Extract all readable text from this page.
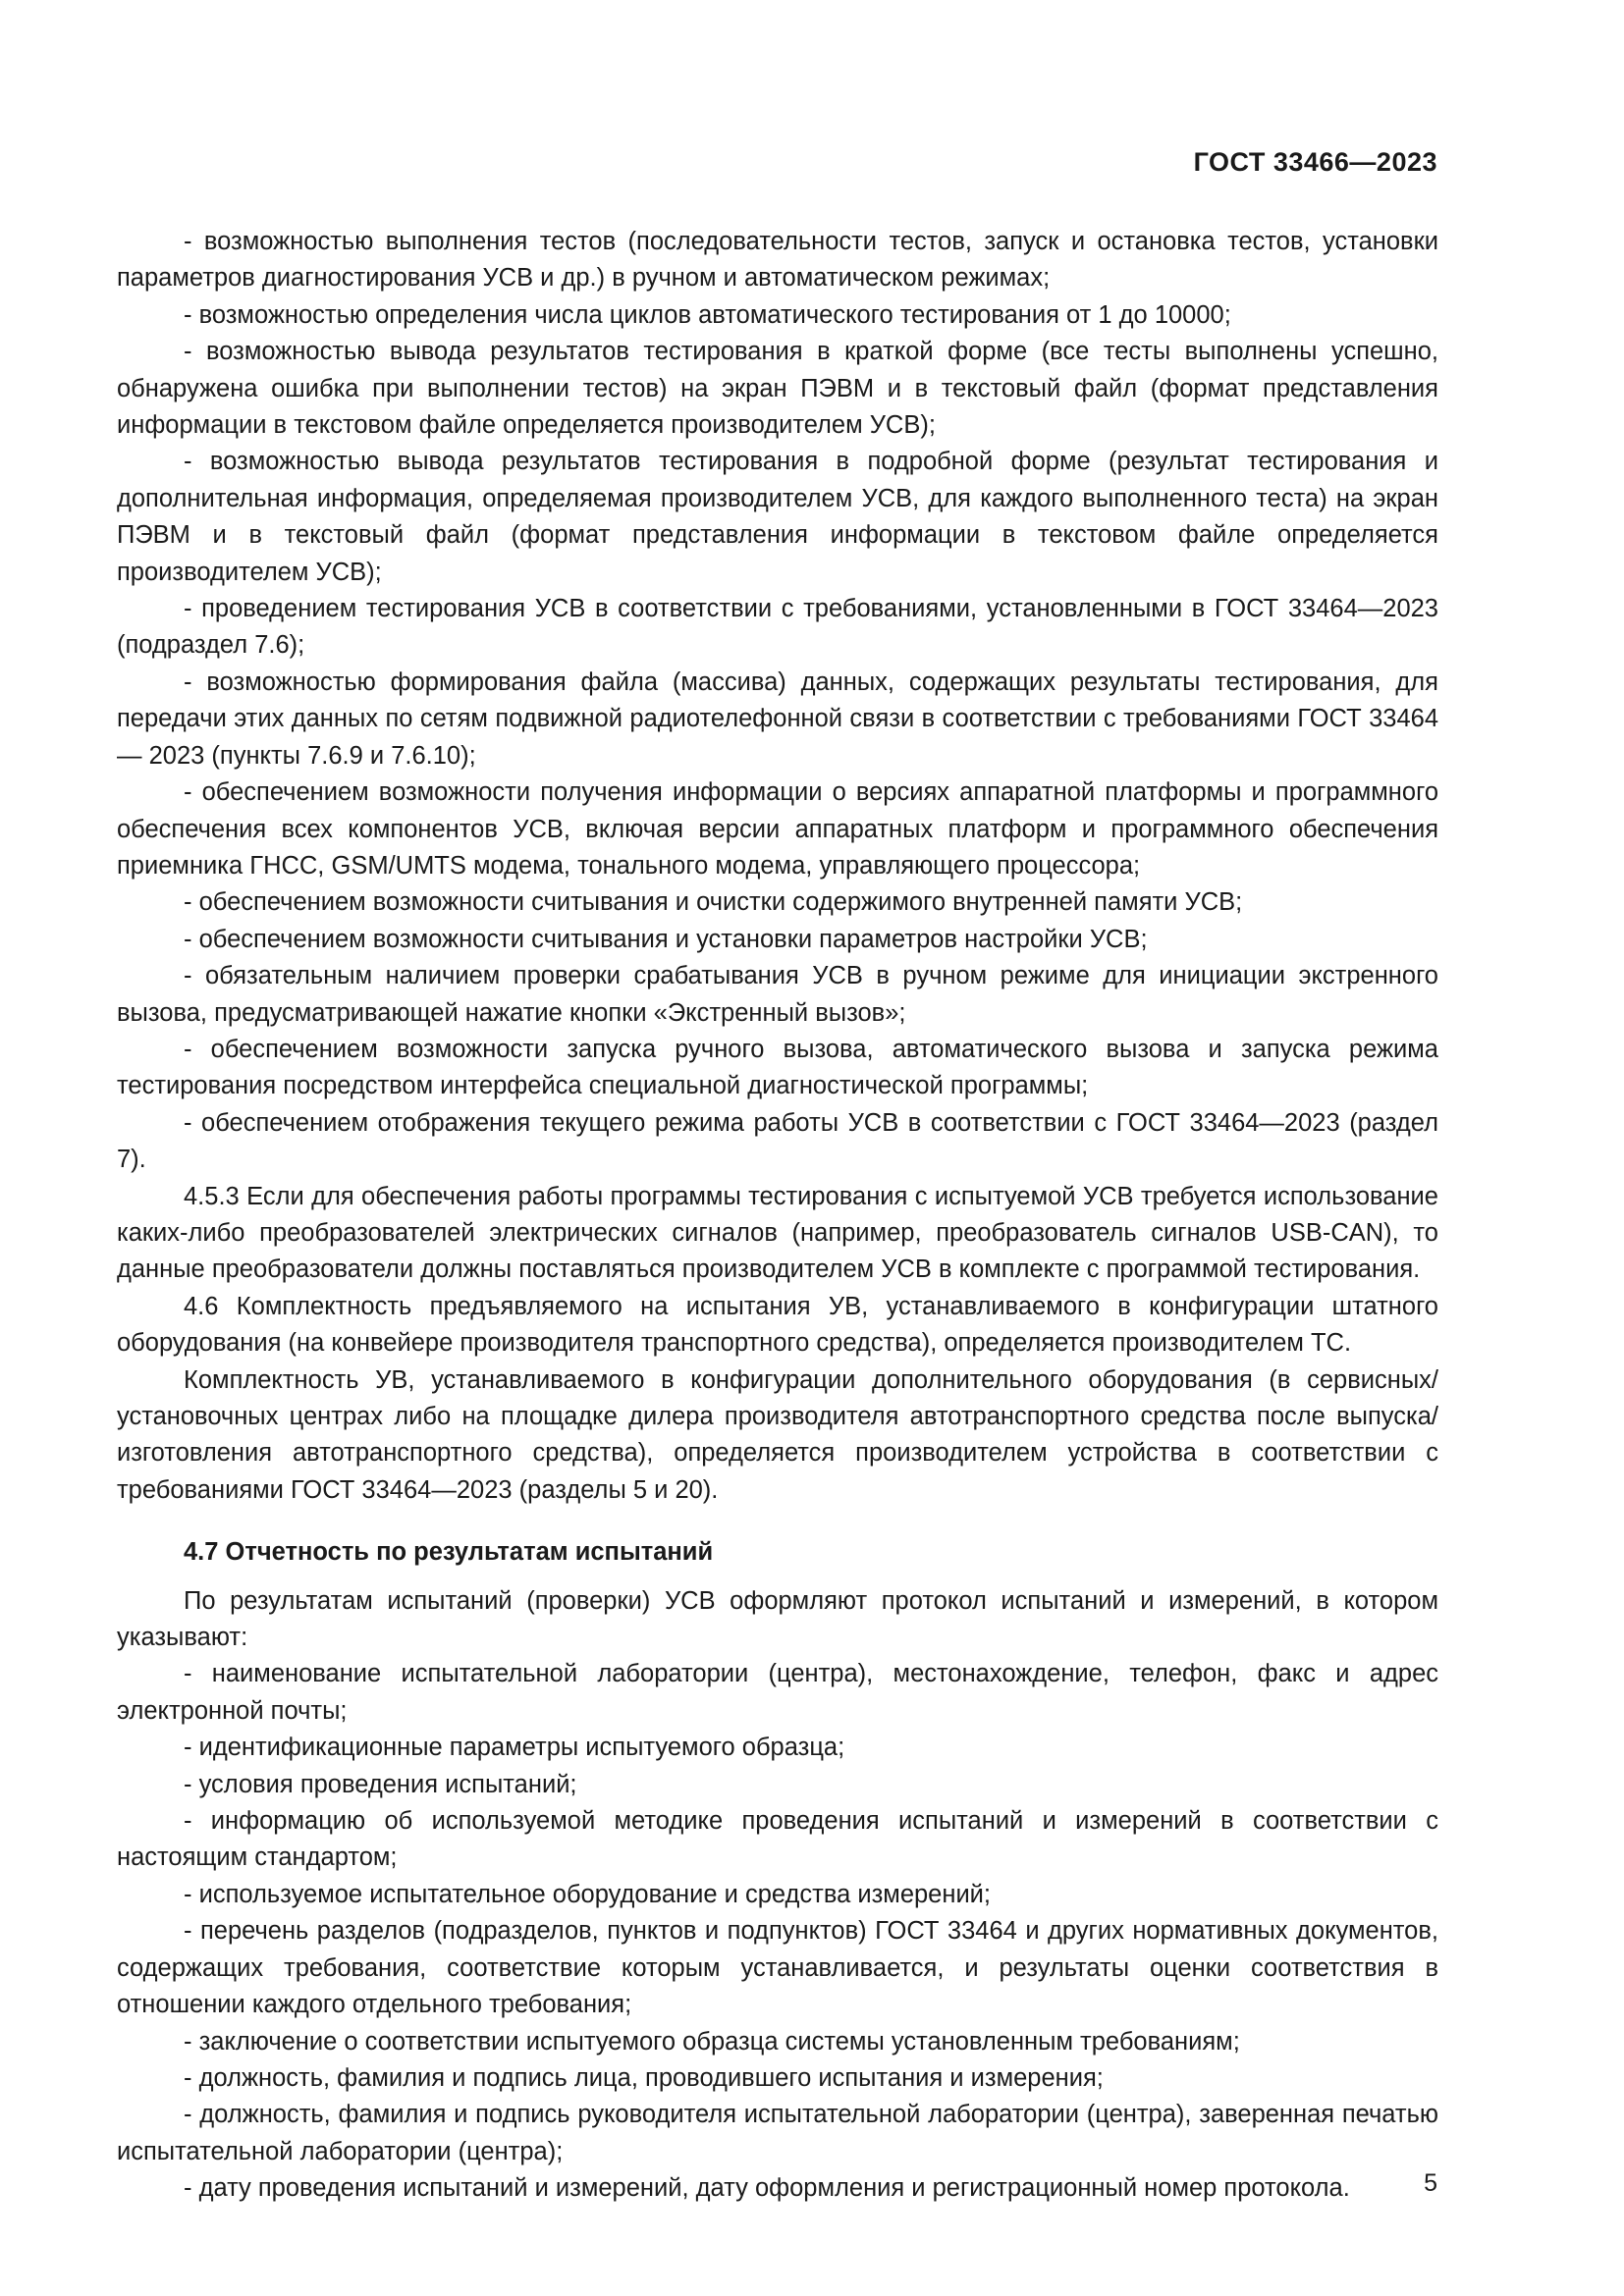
ГОСТ 33466—2023

- возможностью выполнения тестов (последовательности тестов, запуск и остановка тестов, установки параметров диагностирования УСВ и др.) в ручном и автоматическом режимах;

- возможностью определения числа циклов автоматического тестирования от 1 до 10000;

- возможностью вывода результатов тестирования в краткой форме (все тесты выполнены успешно, обнаружена ошибка при выполнении тестов) на экран ПЭВМ и в текстовый файл (формат представления информации в текстовом файле определяется производителем УСВ);

- возможностью вывода результатов тестирования в подробной форме (результат тестирования и дополнительная информация, определяемая производителем УСВ, для каждого выполненного теста) на экран ПЭВМ и в текстовый файл (формат представления информации в текстовом файле определяется производителем УСВ);

- проведением тестирования УСВ в соответствии с требованиями, установленными в ГОСТ 33464—2023 (подраздел 7.6);

- возможностью формирования файла (массива) данных, содержащих результаты тестирования, для передачи этих данных по сетям подвижной радиотелефонной связи в соответствии с требованиями ГОСТ 33464 — 2023 (пункты 7.6.9 и 7.6.10);

- обеспечением возможности получения информации о версиях аппаратной платформы и программного обеспечения всех компонентов УСВ, включая версии аппаратных платформ и программного обеспечения приемника ГНСС, GSM/UMTS модема, тонального модема, управляющего процессора;

- обеспечением возможности считывания и очистки содержимого внутренней памяти УСВ;

- обеспечением возможности считывания и установки параметров настройки УСВ;

- обязательным наличием проверки срабатывания УСВ в ручном режиме для инициации экстренного вызова, предусматривающей нажатие кнопки «Экстренный вызов»;

- обеспечением возможности запуска ручного вызова, автоматического вызова и запуска режима тестирования посредством интерфейса специальной диагностической программы;

- обеспечением отображения текущего режима работы УСВ в соответствии с ГОСТ 33464—2023 (раздел 7).

4.5.3 Если для обеспечения работы программы тестирования с испытуемой УСВ требуется использование каких-либо преобразователей электрических сигналов (например, преобразователь сигналов USB-CAN), то данные преобразователи должны поставляться производителем УСВ в комплекте с программой тестирования.

4.6 Комплектность предъявляемого на испытания УВ, устанавливаемого в конфигурации штатного оборудования (на конвейере производителя транспортного средства), определяется производителем ТС.

Комплектность УВ, устанавливаемого в конфигурации дополнительного оборудования (в сервисных/установочных центрах либо на площадке дилера производителя автотранспортного средства после выпуска/изготовления автотранспортного средства), определяется производителем устройства в соответствии с требованиями ГОСТ 33464—2023 (разделы 5 и 20).

4.7 Отчетность по результатам испытаний

По результатам испытаний (проверки) УСВ оформляют протокол испытаний и измерений, в котором указывают:

- наименование испытательной лаборатории (центра), местонахождение, телефон, факс и адрес электронной почты;

- идентификационные параметры испытуемого образца;

- условия проведения испытаний;

- информацию об используемой методике проведения испытаний и измерений в соответствии с настоящим стандартом;

- используемое испытательное оборудование и средства измерений;

- перечень разделов (подразделов, пунктов и подпунктов) ГОСТ 33464 и других нормативных документов, содержащих требования, соответствие которым устанавливается, и результаты оценки соответствия в отношении каждого отдельного требования;

- заключение о соответствии испытуемого образца системы установленным требованиям;

- должность, фамилия и подпись лица, проводившего испытания и измерения;

- должность, фамилия и подпись руководителя испытательной лаборатории (центра), заверенная печатью испытательной лаборатории (центра);

- дату проведения испытаний и измерений, дату оформления и регистрационный номер протокола.	5
